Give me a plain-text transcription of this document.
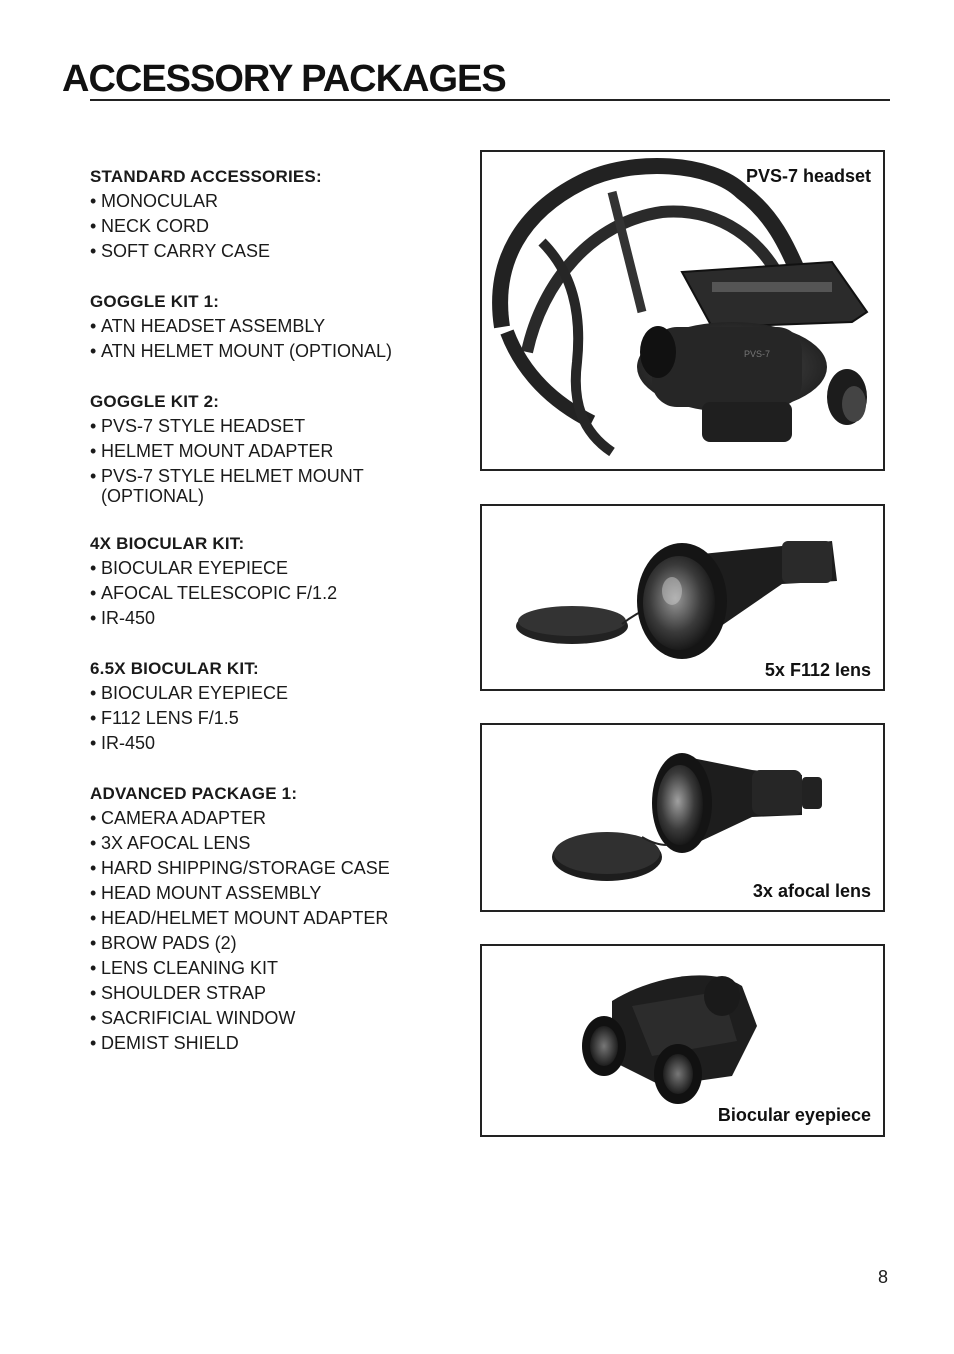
ACCESSORY PACKAGES
STANDARD ACCESSORIES:
• MONOCULAR
• NECK CORD
• SOFT CARRY CASE
GOGGLE KIT 1:
• ATN HEADSET ASSEMBLY
• ATN HELMET MOUNT (OPTIONAL)
GOGGLE KIT 2:
• PVS-7 STYLE HEADSET
• HELMET MOUNT ADAPTER
• PVS-7 STYLE HELMET MOUNT (OPTIONAL)
4X BIOCULAR KIT:
• BIOCULAR EYEPIECE
• AFOCAL TELESCOPIC F/1.2
• IR-450
6.5X BIOCULAR KIT:
• BIOCULAR EYEPIECE
• F112 LENS F/1.5
• IR-450
ADVANCED PACKAGE 1:
• CAMERA ADAPTER
• 3X AFOCAL LENS
• HARD SHIPPING/STORAGE CASE
• HEAD MOUNT ASSEMBLY
• HEAD/HELMET MOUNT ADAPTER
• BROW PADS (2)
• LENS CLEANING KIT
• SHOULDER STRAP
• SACRIFICIAL WINDOW
• DEMIST SHIELD
PVS-7
PVS-7 headset
5x F112 lens
3x afocal lens
Biocular eyepiece
8
